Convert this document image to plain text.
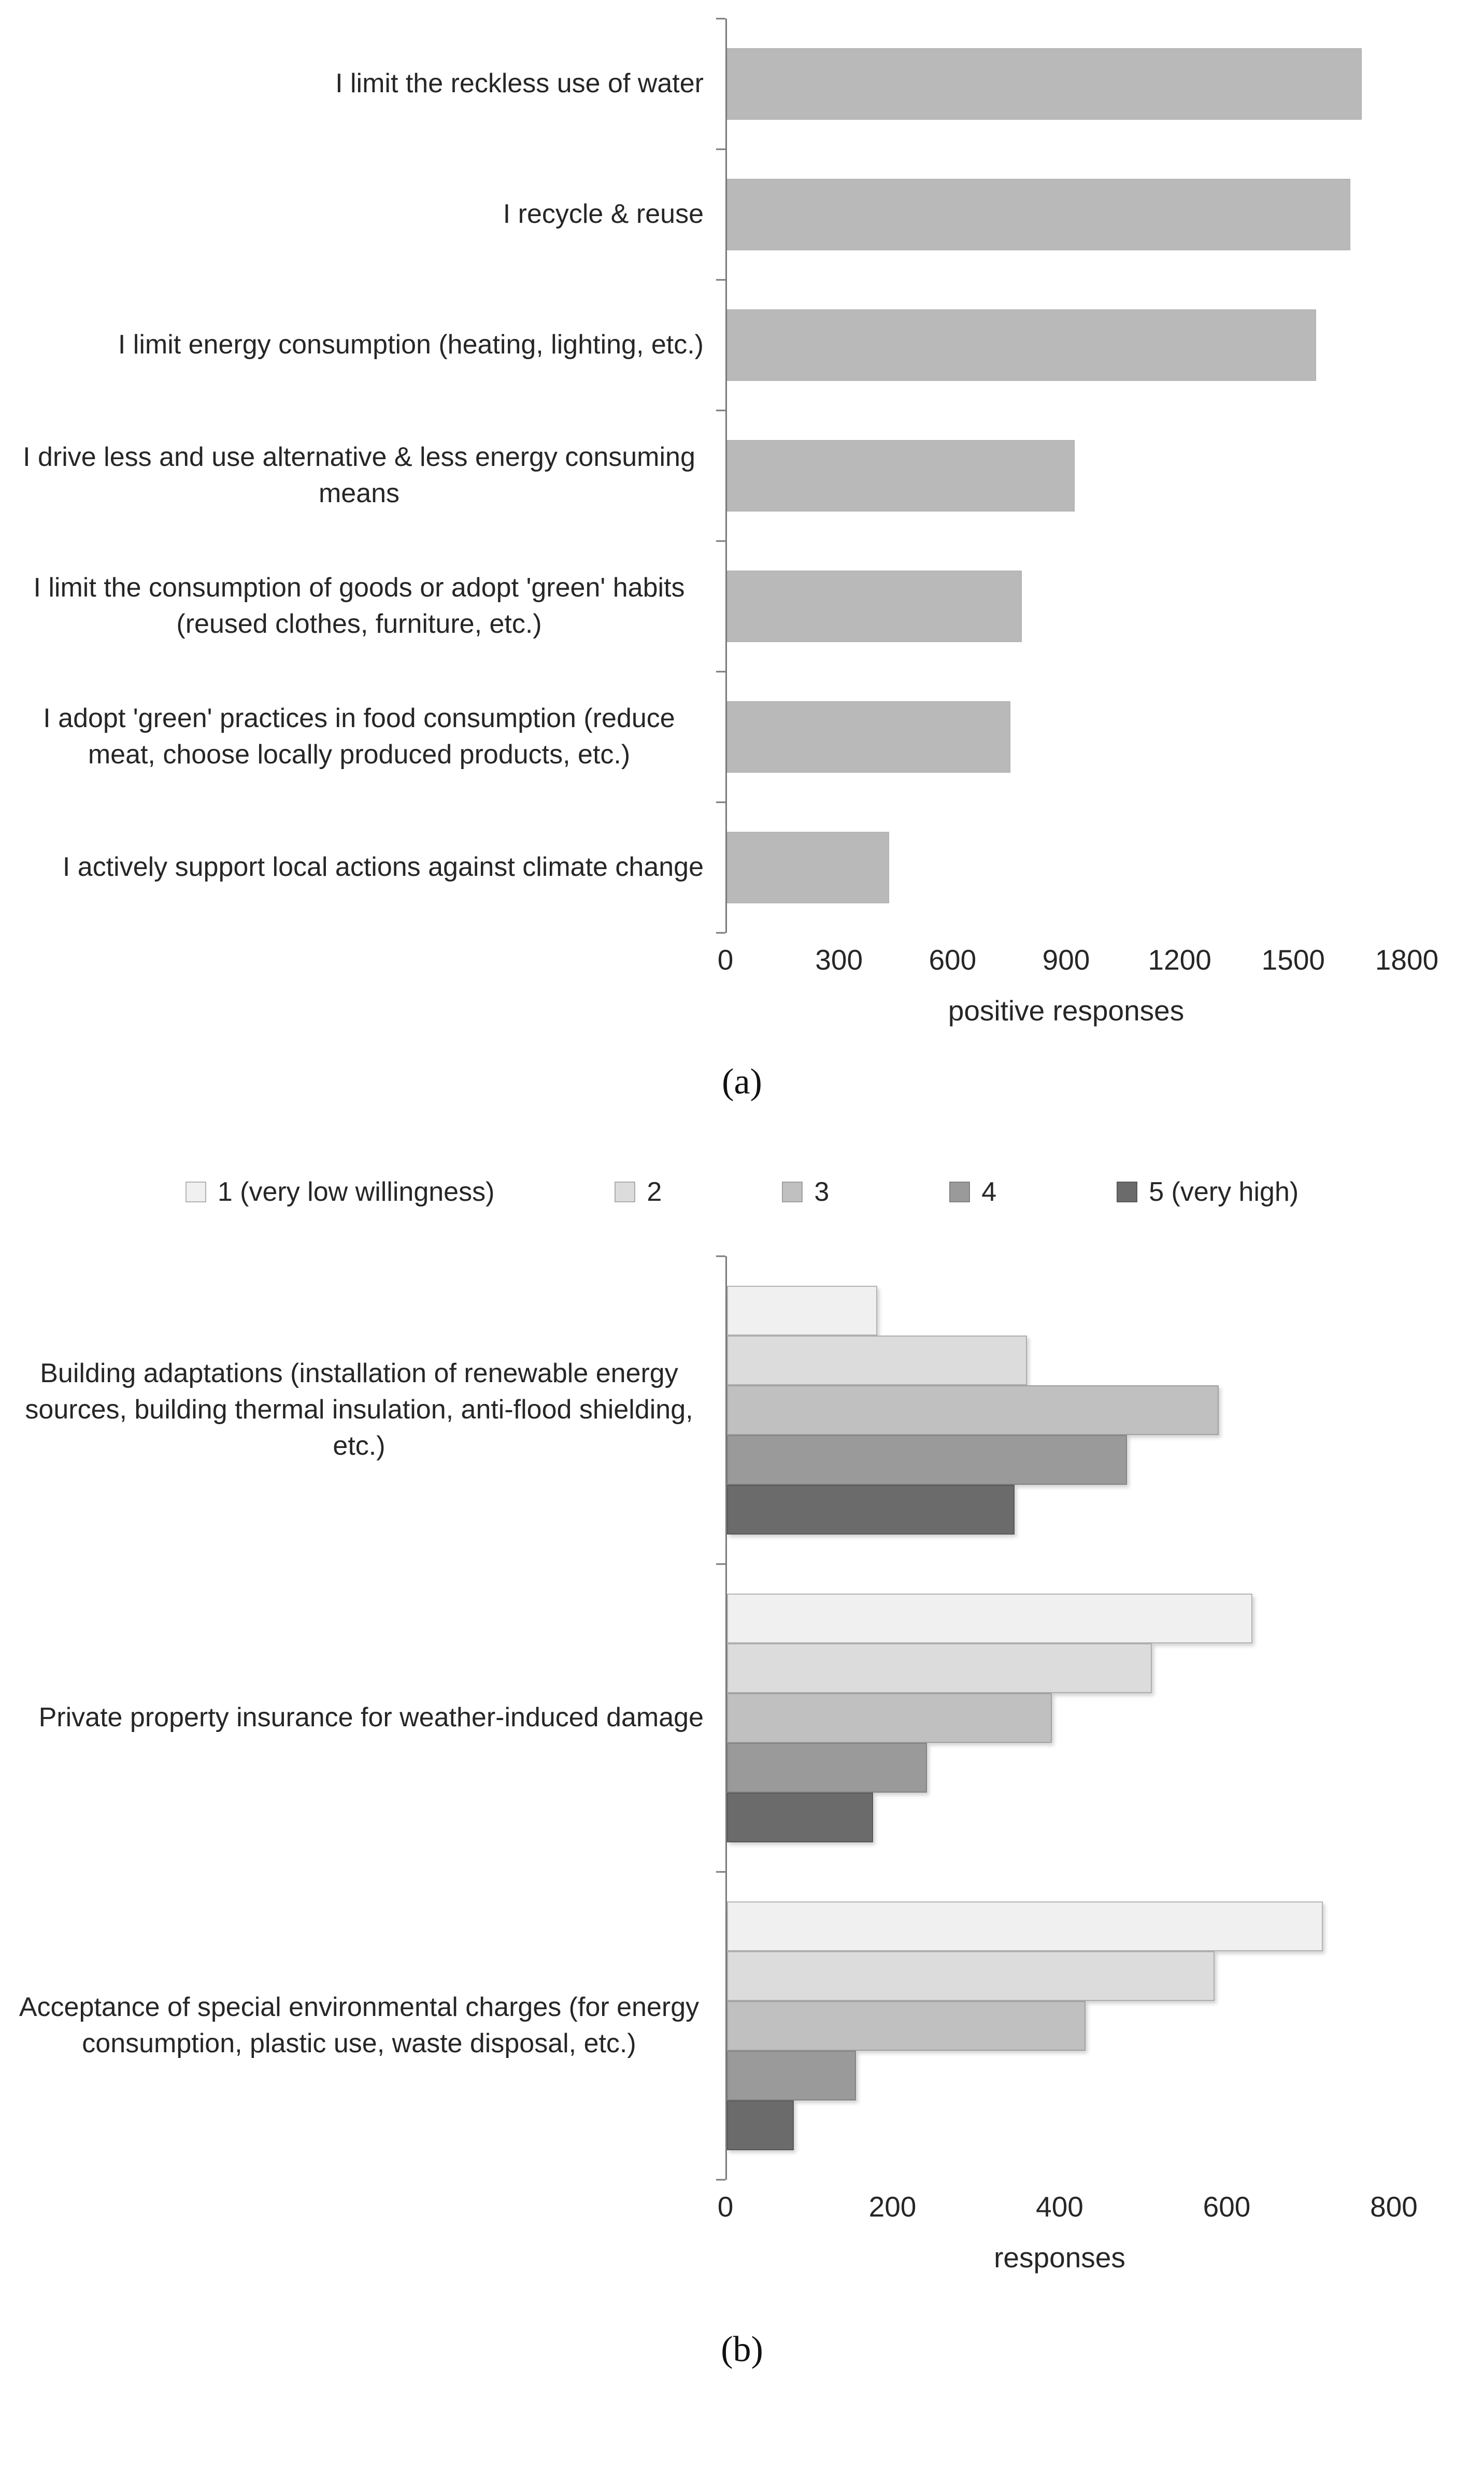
I limit the reckless use of water
I recycle & reuse
I limit energy consumption (heating, lighting, etc.)
I drive less and use alternative & less energy consuming means
I limit the consumption of goods or adopt 'green' habits (reused clothes, furniture, etc.)
I adopt 'green' practices in food consumption (reduce meat, choose locally produced products, etc.)
I actively support local actions against climate change
0	300 600 900 1200 1500 1800
positive responses
(a)
1 (very low willingness)	2	3	4	5 (very high)
Building adaptations (installation of renewable energy sources, building thermal insulation, anti-flood shielding, etc.)
Private property insurance for weather-induced damage
Acceptance of special environmental charges (for energy consumption, plastic use, waste disposal, etc.)
0	200	400	600	800
responses
(b)
